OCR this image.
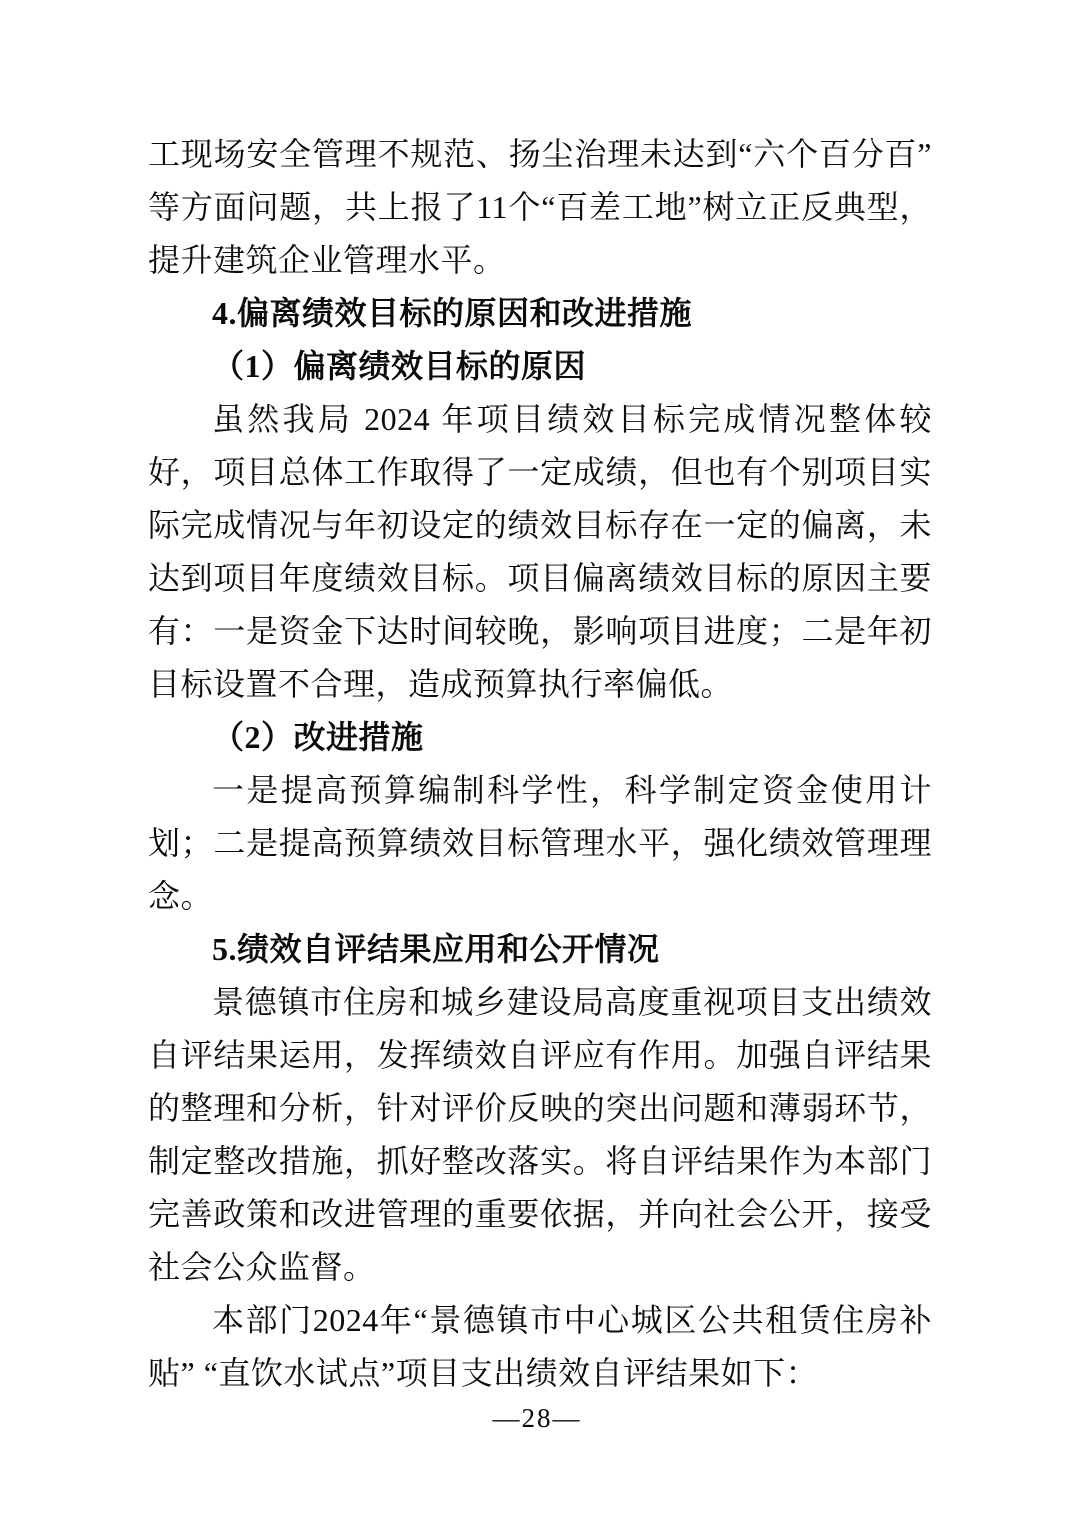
工现场安全管理不规范、扬尘治理未达到“六个百分百”等方面问题，共上报了11个“百差工地”树立正反典型，提升建筑企业管理水平。

4.偏离绩效目标的原因和改进措施

（1）偏离绩效目标的原因

虽然我局 2024 年项目绩效目标完成情况整体较好，项目总体工作取得了一定成绩，但也有个别项目实际完成情况与年初设定的绩效目标存在一定的偏离，未达到项目年度绩效目标。项目偏离绩效目标的原因主要有：一是资金下达时间较晚，影响项目进度；二是年初目标设置不合理，造成预算执行率偏低。

（2）改进措施

一是提高预算编制科学性，科学制定资金使用计划；二是提高预算绩效目标管理水平，强化绩效管理理念。

5.绩效自评结果应用和公开情况

景德镇市住房和城乡建设局高度重视项目支出绩效自评结果运用，发挥绩效自评应有作用。加强自评结果的整理和分析，针对评价反映的突出问题和薄弱环节，制定整改措施，抓好整改落实。将自评结果作为本部门完善政策和改进管理的重要依据，并向社会公开，接受社会公众监督。

本部门2024年“景德镇市中心城区公共租赁住房补贴” “直饮水试点”项目支出绩效自评结果如下：

—28—
